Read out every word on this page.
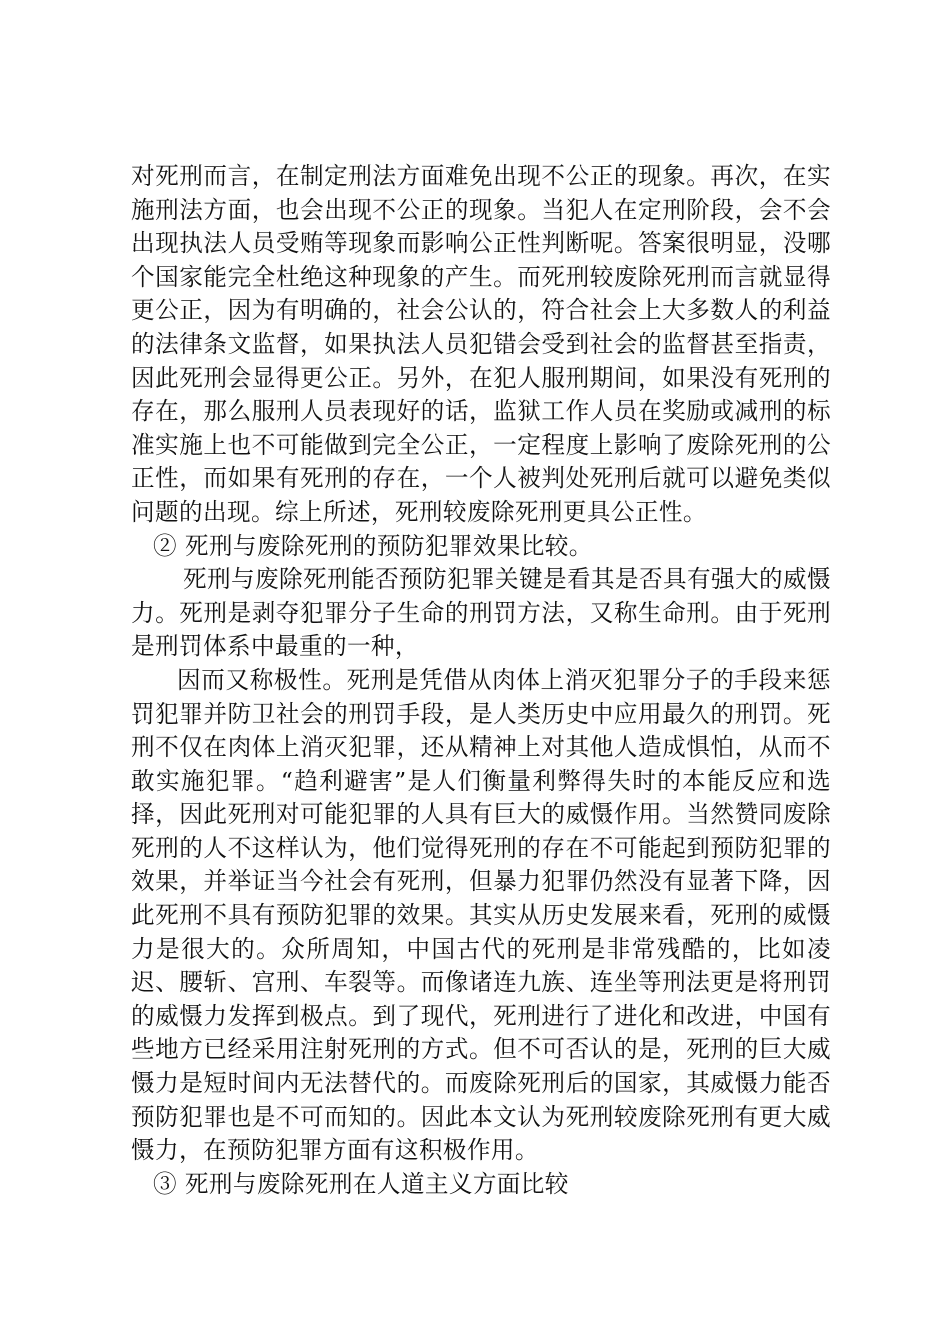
对死刑而言，在制定刑法方面难免出现不公正的现象。再次，在实施刑法方面，也会出现不公正的现象。当犯人在定刑阶段，会不会出现执法人员受贿等现象而影响公正性判断呢。答案很明显，没哪个国家能完全杜绝这种现象的产生。而死刑较废除死刑而言就显得更公正，因为有明确的，社会公认的，符合社会上大多数人的利益的法律条文监督，如果执法人员犯错会受到社会的监督甚至指责，因此死刑会显得更公正。另外，在犯人服刑期间，如果没有死刑的存在，那么服刑人员表现好的话，监狱工作人员在奖励或减刑的标准实施上也不可能做到完全公正，一定程度上影响了废除死刑的公正性，而如果有死刑的存在，一个人被判处死刑后就可以避免类似问题的出现。综上所述，死刑较废除死刑更具公正性。

② 死刑与废除死刑的预防犯罪效果比较。

死刑与废除死刑能否预防犯罪关键是看其是否具有强大的威慑力。死刑是剥夺犯罪分子生命的刑罚方法，又称生命刑。由于死刑是刑罚体系中最重的一种，

因而又称极性。死刑是凭借从肉体上消灭犯罪分子的手段来惩罚犯罪并防卫社会的刑罚手段，是人类历史中应用最久的刑罚。死刑不仅在肉体上消灭犯罪，还从精神上对其他人造成惧怕，从而不敢实施犯罪。“趋利避害”是人们衡量利弊得失时的本能反应和选择，因此死刑对可能犯罪的人具有巨大的威慑作用。当然赞同废除死刑的人不这样认为，他们觉得死刑的存在不可能起到预防犯罪的效果，并举证当今社会有死刑，但暴力犯罪仍然没有显著下降，因此死刑不具有预防犯罪的效果。其实从历史发展来看，死刑的威慑力是很大的。众所周知，中国古代的死刑是非常残酷的，比如凌迟、腰斩、宫刑、车裂等。而像诸连九族、连坐等刑法更是将刑罚的威慑力发挥到极点。到了现代，死刑进行了进化和改进，中国有些地方已经采用注射死刑的方式。但不可否认的是，死刑的巨大威慑力是短时间内无法替代的。而废除死刑后的国家，其威慑力能否预防犯罪也是不可而知的。因此本文认为死刑较废除死刑有更大威慑力，在预防犯罪方面有这积极作用。

③ 死刑与废除死刑在人道主义方面比较
